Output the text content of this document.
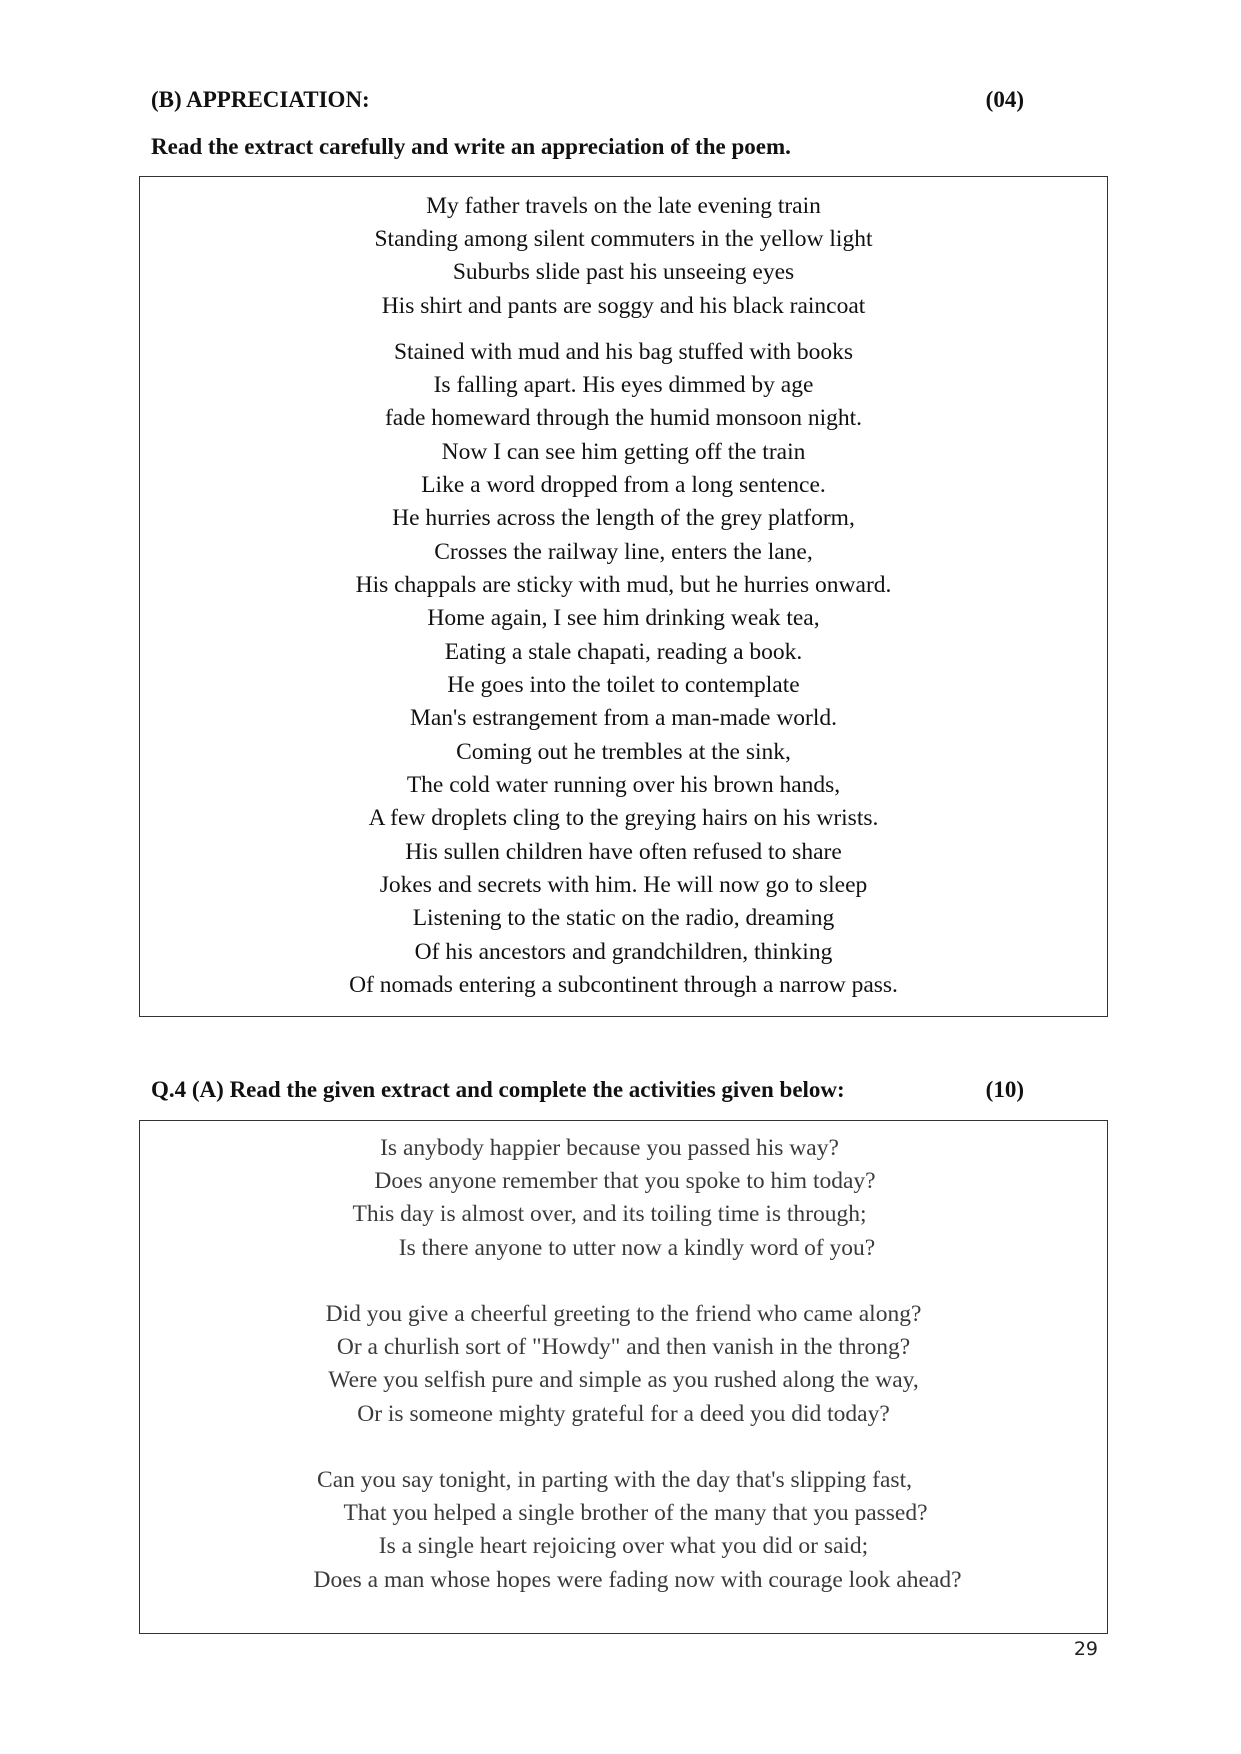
(B) APPRECIATION:	(04)
Read the extract carefully and write an appreciation of the poem.
My father travels on the late evening train
Standing among silent commuters in the yellow light
Suburbs slide past his unseeing eyes
His shirt and pants are soggy and his black raincoat
Stained with mud and his bag stuffed with books
Is falling apart. His eyes dimmed by age
fade homeward through the humid monsoon night.
Now I can see him getting off the train
Like a word dropped from a long sentence.
He hurries across the length of the grey platform,
Crosses the railway line, enters the lane,
His chappals are sticky with mud, but he hurries onward.
Home again, I see him drinking weak tea,
Eating a stale chapati, reading a book.
He goes into the toilet to contemplate
Man's estrangement from a man-made world.
Coming out he trembles at the sink,
The cold water running over his brown hands,
A few droplets cling to the greying hairs on his wrists.
His sullen children have often refused to share
Jokes and secrets with him. He will now go to sleep
Listening to the static on the radio, dreaming
Of his ancestors and grandchildren, thinking
Of nomads entering a subcontinent through a narrow pass.
Q.4 (A) Read the given extract and complete the activities given below:	(10)
Is anybody happier because you passed his way?
Does anyone remember that you spoke to him today?
This day is almost over, and its toiling time is through;
Is there anyone to utter now a kindly word of you?
Did you give a cheerful greeting to the friend who came along?
Or a churlish sort of "Howdy" and then vanish in the throng?
Were you selfish pure and simple as you rushed along the way,
Or is someone mighty grateful for a deed you did today?
Can you say tonight, in parting with the day that's slipping fast,
That you helped a single brother of the many that you passed?
Is a single heart rejoicing over what you did or said;
Does a man whose hopes were fading now with courage look ahead?
29
